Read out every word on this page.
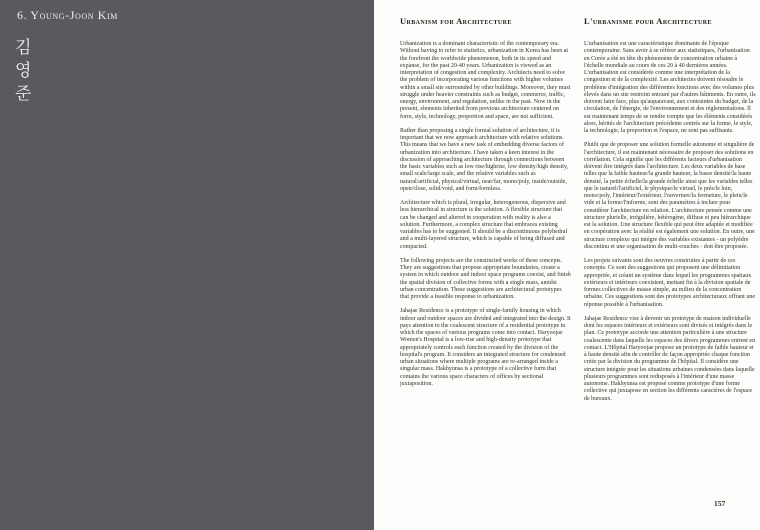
6. Young-Joon Kim
김
영
준
Urbanism for Architecture

Urbanization is a dominant characteristic of the contemporary era. Without having to refer to statistics, urbanization in Korea has been at the forefront the worldwide phenomenon, both in its speed and expanse, for the past 20-40 years. Urbanization is viewed as an interpretation of congestion and complexity. Architects need to solve the problem of incorporating various functions with higher volumes within a small site surrounded by other buildings. Moreover, they must struggle under heavier constraints such as budget, commerce, traffic, energy, environment, and regulation, unlike in the past. Now in the present, elements inherited from previous architecture centered on form, style, technology, proportion and space, are not sufficient.

Rather than proposing a single formal solution of architecture, it is important that we now approach architecture with relative solutions. This means that we have a new task of embedding diverse factors of urbanization into architecture. I have taken a keen interest in the discussion of approaching architecture through connections between the basic variables such as low rise/highrise, low density/high density, small scale/large scale, and the relative variables such as natural/artificial, physical/virtual, near/far, mono/poly, inside/outside, open/close, solid/void, and form/formless.

Architecture which is plural, irregular, heterogeneous, dispersive and less hierarchical in structure is the solution. A flexible structure that can be changed and altered in cooperation with reality is also a solution. Furthermore, a complex structure that embraces existing variables has to be suggested. It should be a discontinuous polyhedral and a multi-layered structure, which is capable of being diffused and compacted.

The following projects are the constructed works of these concepts. They are suggestions that propose appropriate boundaries, create a system in which outdoor and indoor space programs coexist, and finish the spatial division of collective forms with a single mass, amidst urban concentration. These suggestions are architectural prototypes that provide a feasible response to urbanization.

Jahajae Residence is a prototype of single-family housing in which indoor and outdoor spaces are divided and integrated into the design. It pays attention to the coalescent structure of a residential prototype in which the spaces of various programs come into contact. Haryoojae Women's Hospital is a low-rise and high-density prototype that appropriately controls each function created by the division of the hospital's program. It considers an integrated structure for condensed urban situations where multiple programs are re-arranged inside a singular mass. Hakhyunsa is a prototype of a collective form that contains the various space characters of offices by sectional juxtaposition.

L'urbanisme pour Architecture

L'urbanisation est une caractéristique dominante de l'époque contemporaine. Sans avoir à se référer aux statistiques, l'urbanisation en Corée a été en tête du phénomène de concentration urbaine à l'échelle mondiale au cours de ces 20 à 40 dernières années. L'urbanisation est considérée comme une interprétation de la congestion et de la complexité. Les architectes doivent résoudre le problème d'intégration des différentes fonctions avec des volumes plus élevés dans un site restreint entouré par d'autres bâtiments. En outre, ils doivent faire face, plus qu'auparavant, aux contraintes du budget, de la circulation, de l'énergie, de l'environnement et des règlementations. Il est maintenant temps de se rendre compte que les éléments considérés alors, hérités de l'architecture précédente centrés sur la forme, le style, la technologie, la proportion et l'espace, ne sont pas suffisants.

Plutôt que de proposer une solution formelle autonome et singulière de l'architecture, il est maintenant nécessaire de proposer des solutions en corrélation. Cela signifie que les différents facteurs d'urbanisation doivent être intégrés dans l'architecture. Les deux variables de base telles que la faible hauteur/la grande hauteur, la basse densité/la haute densité, la petite échelle/la grande échelle ainsi que les variables telles que le naturel/l'artificiel, le physique/le virtuel, le près/le loin, mono/poly, l'intérieur/l'extérieur, l'ouverture/la fermeture, le plein/le vide et la forme/l'informe, sont des paramètres à inclure pour considérer l'architecture en relation. L'architecture pensée comme une structure plurielle, irrégulière, hétérogène, diffuse et peu hiérarchique est la solution. Une structure flexible qui peut être adaptée et modifiée en coopération avec la réalité est également une solution. En outre, une structure complexe qui intègre des variables existantes - un polyèdre discontinu et une organisation de multi-couches - doit être proposée.

Les projets suivants sont des oeuvres construites à partir de ces concepts. Ce sont des suggestions qui proposent une délimitation appropriée, et créant un système dans lequel les programmes spatiaux extérieurs et intérieurs coexistent, mettant fin à la division spatiale de formes collectives de masse simple, au milieu de la concentration urbaine. Ces suggestions sont des prototypes architecturaux offrant une réponse possible à l'urbanisation.

Jahajae Residence vise à devenir un prototype de maison individuelle dont les espaces intérieurs et extérieurs sont divisés et intégrés dans le plan. Ce prototype accorde une attention particulière à une structure coalescente dans laquelle les espaces des divers programmes entrent en contact. L'Hôpital Haryoojae propose un prototype de faible hauteur et à haute densité afin de contrôler de façon appropriée chaque fonction créée par la division du programme de l'hôpital. Il considère une structure intégrée pour les situations urbaines condensées dans laquelle plusieurs programmes sont redisposés à l'intérieur d'une masse autonome. Hakhyunsa est proposé comme prototype d'une forme collective qui juxtapose en section les différents caractères de l'espace de bureaux.

157
